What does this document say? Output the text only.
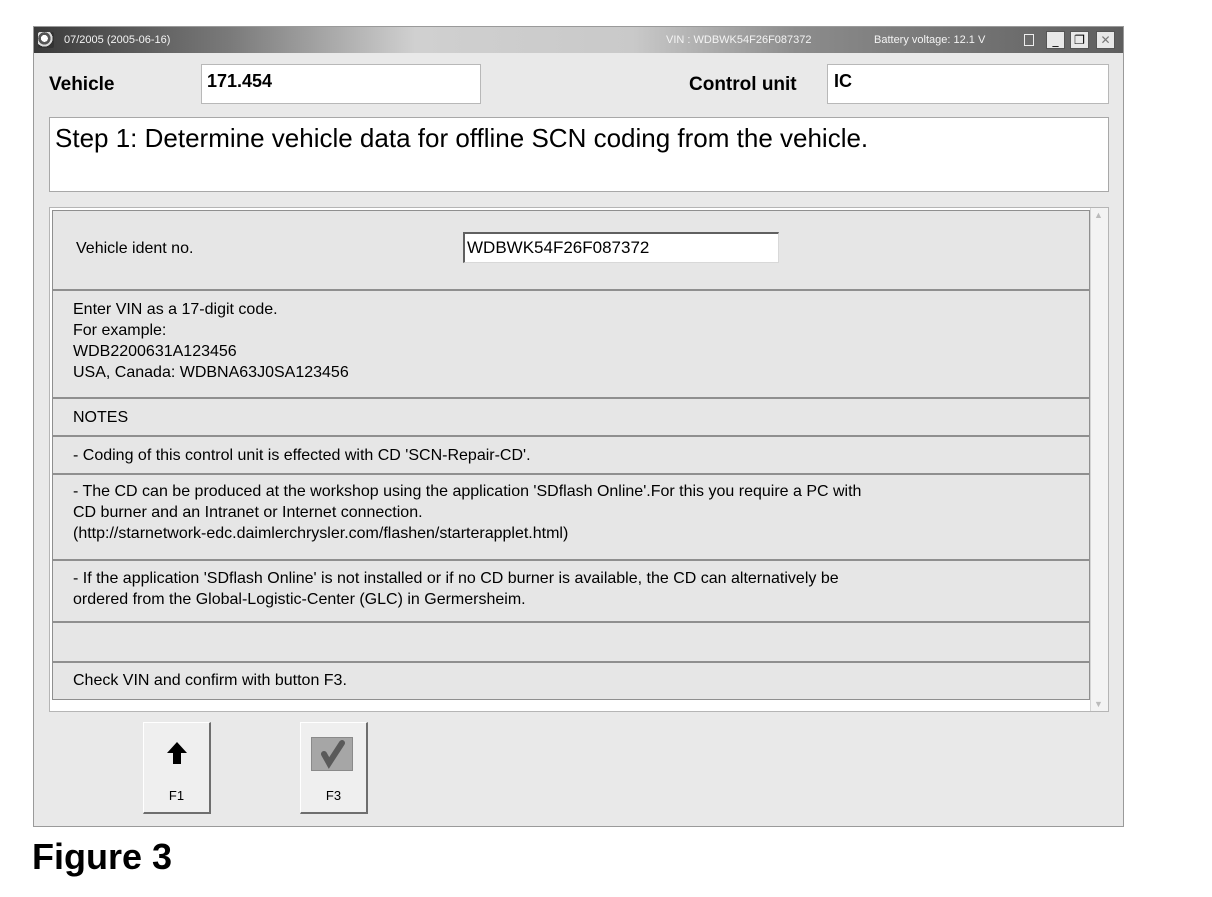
07/2005 (2005-06-16)	VIN : WDBWK54F26F087372	Battery voltage: 12.1 V	_	❐	✕
Vehicle	171.454	Control unit	IC
Step 1: Determine vehicle data for offline SCN coding from the vehicle.
Vehicle ident no.	WDBWK54F26F087372
Enter VIN as a 17-digit code.
For example:
WDB2200631A123456
USA, Canada: WDBNA63J0SA123456
NOTES
- Coding of this control unit is effected with CD 'SCN-Repair-CD'.
- The CD can be produced at the workshop using the application 'SDflash Online'.For this you require a PC with
CD burner and an Intranet or Internet connection.
(http://starnetwork-edc.daimlerchrysler.com/flashen/starterapplet.html)
- If the application 'SDflash Online' is not installed or if no CD burner is available, the CD can alternatively be
ordered from the Global-Logistic-Center (GLC) in Germersheim.
Check VIN and confirm with button F3.
▲
▼
F1	F3
Figure 3
